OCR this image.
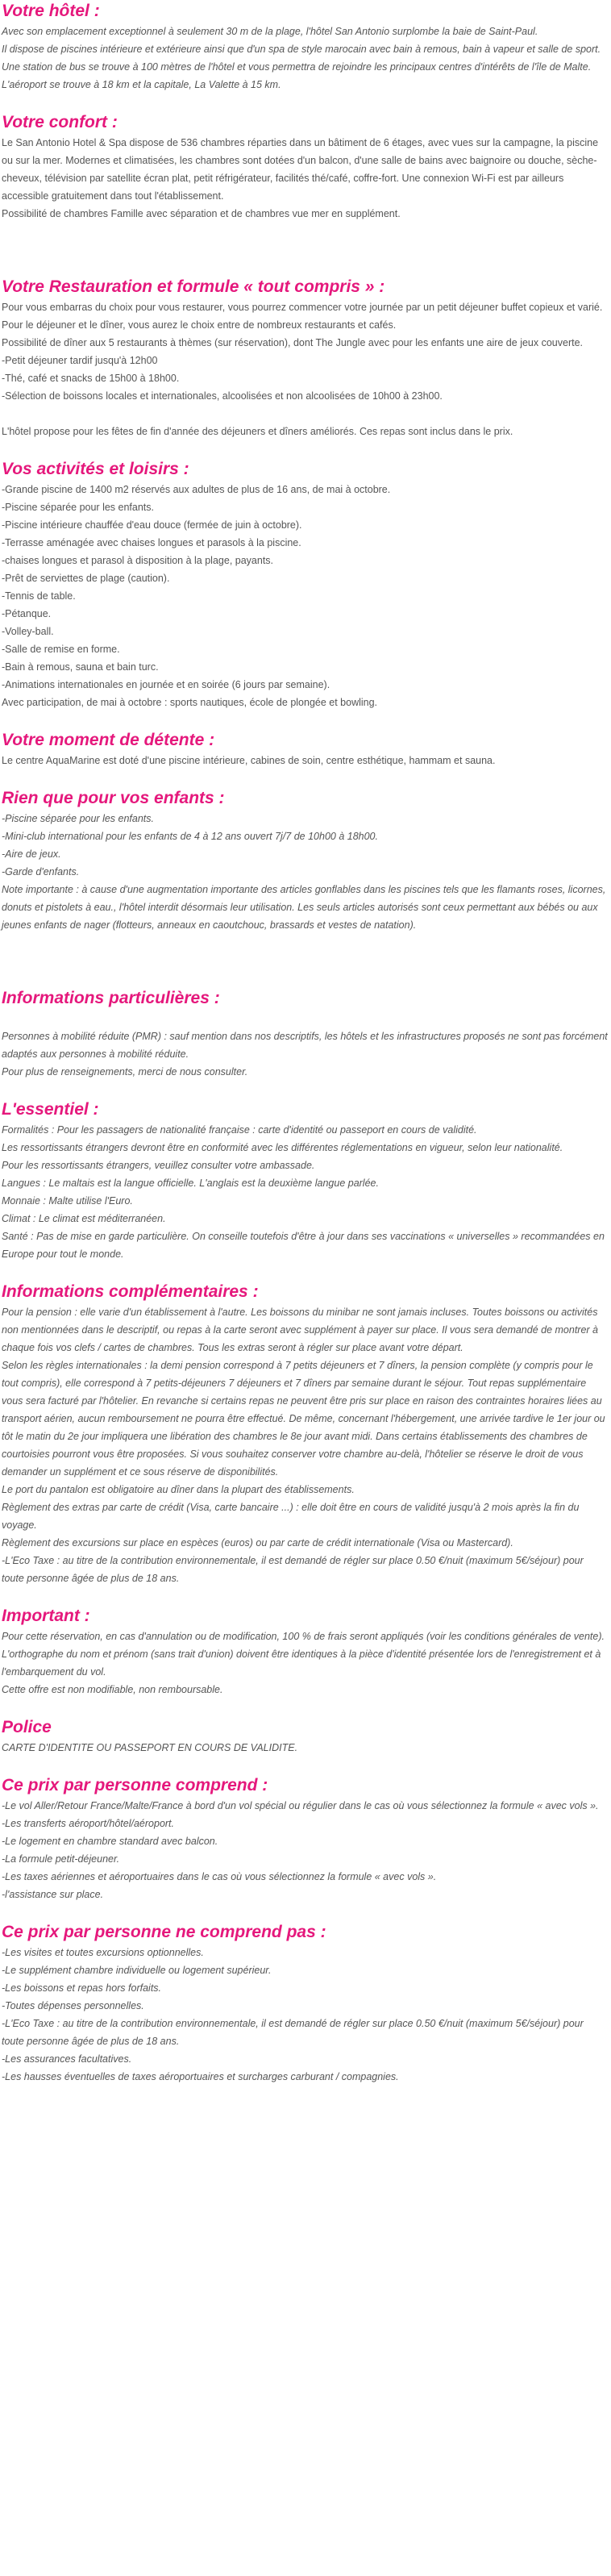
Votre hôtel :

Avec son emplacement exceptionnel à seulement 30 m de la plage, l'hôtel San Antonio surplombe la baie de Saint-Paul.

Il dispose de piscines intérieure et extérieure ainsi que d'un spa de style marocain avec bain à remous, bain à vapeur et salle de sport.

Une station de bus se trouve à 100 mètres de l'hôtel et vous permettra de rejoindre les principaux centres d'intérêts de l'île de Malte.

L'aéroport se trouve à 18 km et la capitale, La Valette à 15 km.

Votre confort :

Le San Antonio Hotel & Spa dispose de 536 chambres réparties dans un bâtiment de 6 étages, avec vues sur la campagne, la piscine ou sur la mer. Modernes et climatisées, les chambres sont dotées d'un balcon, d'une salle de bains avec baignoire ou douche, sèche-cheveux, télévision par satellite écran plat, petit réfrigérateur, facilités thé/café, coffre-fort. Une connexion Wi-Fi est par ailleurs accessible gratuitement dans tout l'établissement.

Possibilité de chambres Famille avec séparation et de chambres vue mer en supplément.

Votre Restauration et formule « tout compris » :

Pour vous embarras du choix pour vous restaurer, vous pourrez commencer votre journée par un petit déjeuner buffet copieux et varié. Pour le déjeuner et le dîner, vous aurez le choix entre de nombreux restaurants et cafés.

Possibilité de dîner aux 5 restaurants à thèmes (sur réservation), dont The Jungle avec pour les enfants une aire de jeux couverte.

-Petit déjeuner tardif jusqu'à 12h00

-Thé, café et snacks de 15h00 à 18h00.

-Sélection de boissons locales et internationales, alcoolisées et non alcoolisées de 10h00 à 23h00.

L'hôtel propose pour les fêtes de fin d'année des déjeuners et dîners améliorés. Ces repas sont inclus dans le prix.

Vos activités et loisirs :

-Grande piscine de 1400 m2 réservés aux adultes de plus de 16 ans, de mai à octobre.

-Piscine séparée pour les enfants.

-Piscine intérieure chauffée d'eau douce (fermée de juin à octobre).

-Terrasse aménagée avec chaises longues et parasols à la piscine.

-chaises longues et parasol à disposition à la plage, payants.

-Prêt de serviettes de plage (caution).

-Tennis de table.

-Pétanque.

-Volley-ball.

-Salle de remise en forme.

-Bain à remous, sauna et bain turc.

-Animations internationales en journée et en soirée (6 jours par semaine).

Avec participation, de mai à octobre : sports nautiques, école de plongée et bowling.

Votre moment de détente :

Le centre AquaMarine est doté d'une piscine intérieure, cabines de soin, centre esthétique, hammam et sauna.

Rien que pour vos enfants :

-Piscine séparée pour les enfants.

-Mini-club international pour les enfants de 4 à 12 ans ouvert 7j/7 de 10h00 à 18h00.

-Aire de jeux.

-Garde d'enfants.

Note importante : à cause d'une augmentation importante des articles gonflables dans les piscines tels que les flamants roses, licornes, donuts et pistolets à eau., l'hôtel interdit désormais leur utilisation. Les seuls articles autorisés sont ceux permettant aux bébés ou aux jeunes enfants de nager (flotteurs, anneaux en caoutchouc, brassards et vestes de natation).

Informations particulières :

Personnes à mobilité réduite (PMR) : sauf mention dans nos descriptifs, les hôtels et les infrastructures proposés ne sont pas forcément adaptés aux personnes à mobilité réduite.

Pour plus de renseignements, merci de nous consulter.

L'essentiel :

Formalités : Pour les passagers de nationalité française : carte d'identité ou passeport en cours de validité.

Les ressortissants étrangers devront être en conformité avec les différentes réglementations en vigueur, selon leur nationalité.

Pour les ressortissants étrangers, veuillez consulter votre ambassade.

Langues : Le maltais est la langue officielle. L'anglais est la deuxième langue parlée.

Monnaie : Malte utilise l'Euro.

Climat : Le climat est méditerranéen.

Santé : Pas de mise en garde particulière. On conseille toutefois d'être à jour dans ses vaccinations « universelles » recommandées en Europe pour tout le monde.

Informations complémentaires :

Pour la pension : elle varie d'un établissement à l'autre. Les boissons du minibar ne sont jamais incluses. Toutes boissons ou activités non mentionnées dans le descriptif, ou repas à la carte seront avec supplément à payer sur place. Il vous sera demandé de montrer à chaque fois vos clefs / cartes de chambres. Tous les extras seront à régler sur place avant votre départ.

Selon les règles internationales : la demi pension correspond à 7 petits déjeuners et 7 dîners, la pension complète (y compris pour le tout compris), elle correspond à 7 petits-déjeuners 7 déjeuners et 7 dîners par semaine durant le séjour. Tout repas supplémentaire vous sera facturé par l'hôtelier. En revanche si certains repas ne peuvent être pris sur place en raison des contraintes horaires liées au transport aérien, aucun remboursement ne pourra être effectué. De même, concernant l'hébergement, une arrivée tardive le 1er jour ou tôt le matin du 2e jour impliquera une libération des chambres le 8e jour avant midi. Dans certains établissements des chambres de courtoisies pourront vous être proposées. Si vous souhaitez conserver votre chambre au-delà, l'hôtelier se réserve le droit de vous demander un supplément et ce sous réserve de disponibilités.

Le port du pantalon est obligatoire au dîner dans la plupart des établissements.

Règlement des extras par carte de crédit (Visa, carte bancaire ...) : elle doit être en cours de validité jusqu'à 2 mois après la fin du voyage.

Règlement des excursions sur place en espèces (euros) ou par carte de crédit internationale (Visa ou Mastercard).

-L'Eco Taxe : au titre de la contribution environnementale, il est demandé de régler sur place 0.50 €/nuit (maximum 5€/séjour) pour toute personne âgée de plus de 18 ans.

Important :

Pour cette réservation, en cas d'annulation ou de modification, 100 % de frais seront appliqués (voir les conditions générales de vente).

L'orthographe du nom et prénom (sans trait d'union) doivent être identiques à la pièce d'identité présentée lors de l'enregistrement et à l'embarquement du vol.

Cette offre est non modifiable, non remboursable.

Police

CARTE D'IDENTITE OU PASSEPORT EN COURS DE VALIDITE.

Ce prix par personne comprend :

-Le vol Aller/Retour France/Malte/France à bord d'un vol spécial ou régulier dans le cas où vous sélectionnez la formule « avec vols ».

-Les transferts aéroport/hôtel/aéroport.

-Le logement en chambre standard avec balcon.

-La formule petit-déjeuner.

-Les taxes aériennes et aéroportuaires dans le cas où vous sélectionnez la formule « avec vols ».

-l'assistance sur place.

Ce prix par personne ne comprend pas :

-Les visites et toutes excursions optionnelles.

-Le supplément chambre individuelle ou logement supérieur.

-Les boissons et repas hors forfaits.

-Toutes dépenses personnelles.

-L'Eco Taxe : au titre de la contribution environnementale, il est demandé de régler sur place 0.50 €/nuit (maximum 5€/séjour) pour toute personne âgée de plus de 18 ans.

-Les assurances facultatives.

-Les hausses éventuelles de taxes aéroportuaires et surcharges carburant / compagnies.
